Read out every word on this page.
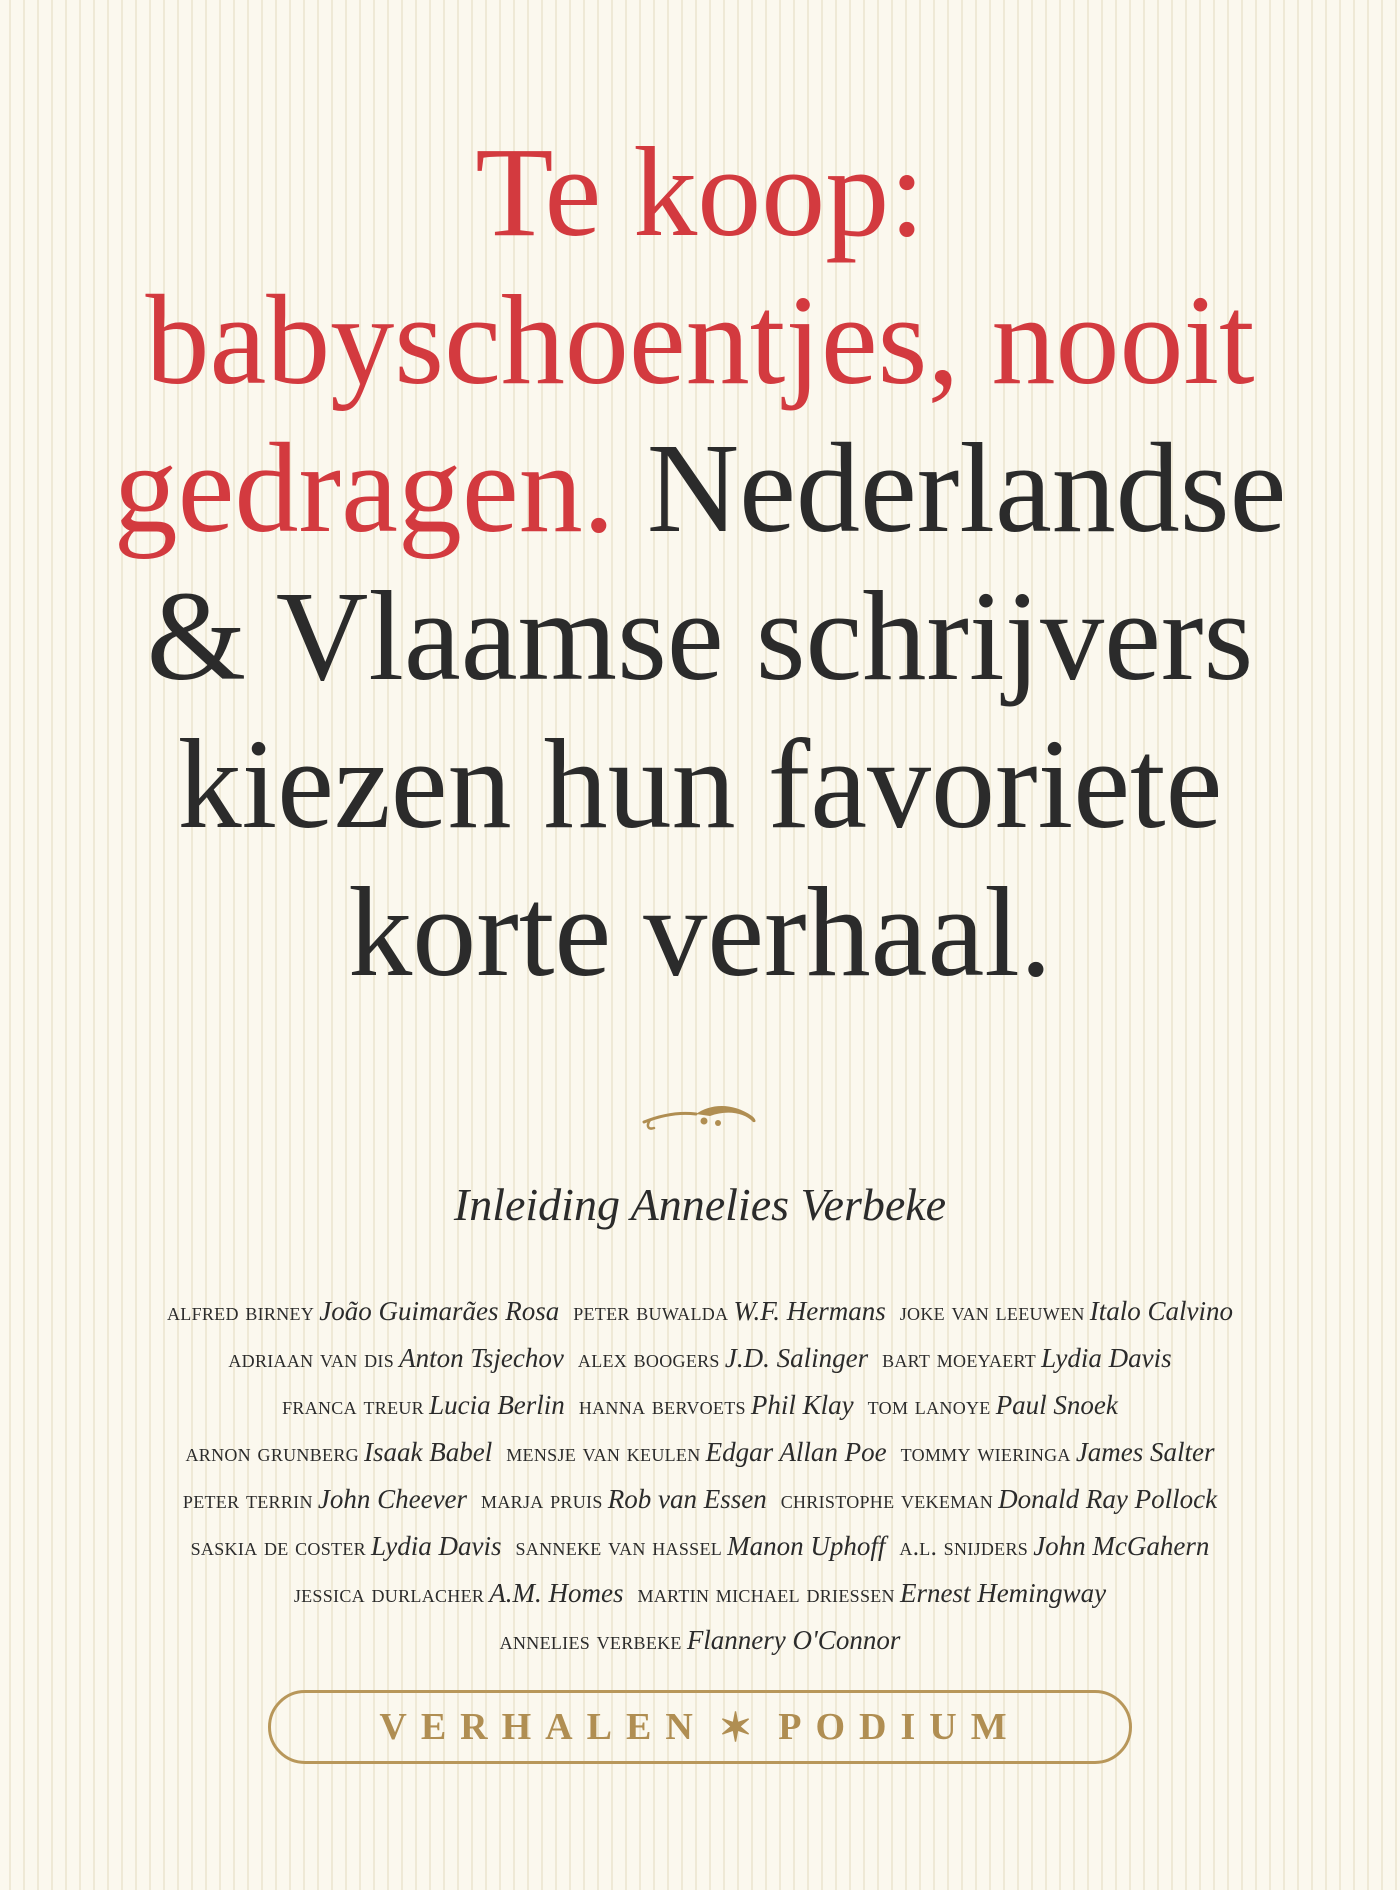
Te koop:
babyschoentjes, nooit
gedragen. Nederlandse
& Vlaamse schrijvers
kiezen hun favoriete
korte verhaal.
Inleiding Annelies Verbeke
alfred birney João Guimarães Rosa peter buwalda W.F. Hermans joke van leeuwen Italo Calvino
adriaan van dis Anton Tsjechov alex boogers J.D. Salinger bart moeyaert Lydia Davis
franca treur Lucia Berlin hanna bervoets Phil Klay tom lanoye Paul Snoek
arnon grunberg Isaak Babel mensje van keulen Edgar Allan Poe tommy wieringa James Salter
peter terrin John Cheever marja pruis Rob van Essen christophe vekeman Donald Ray Pollock
saskia de coster Lydia Davis sanneke van hassel Manon Uphoff a.l. snijders John McGahern
jessica durlacher A.M. Homes martin michael driessen Ernest Hemingway
annelies verbeke Flannery O'Connor
VERHALEN ✶ PODIUM
